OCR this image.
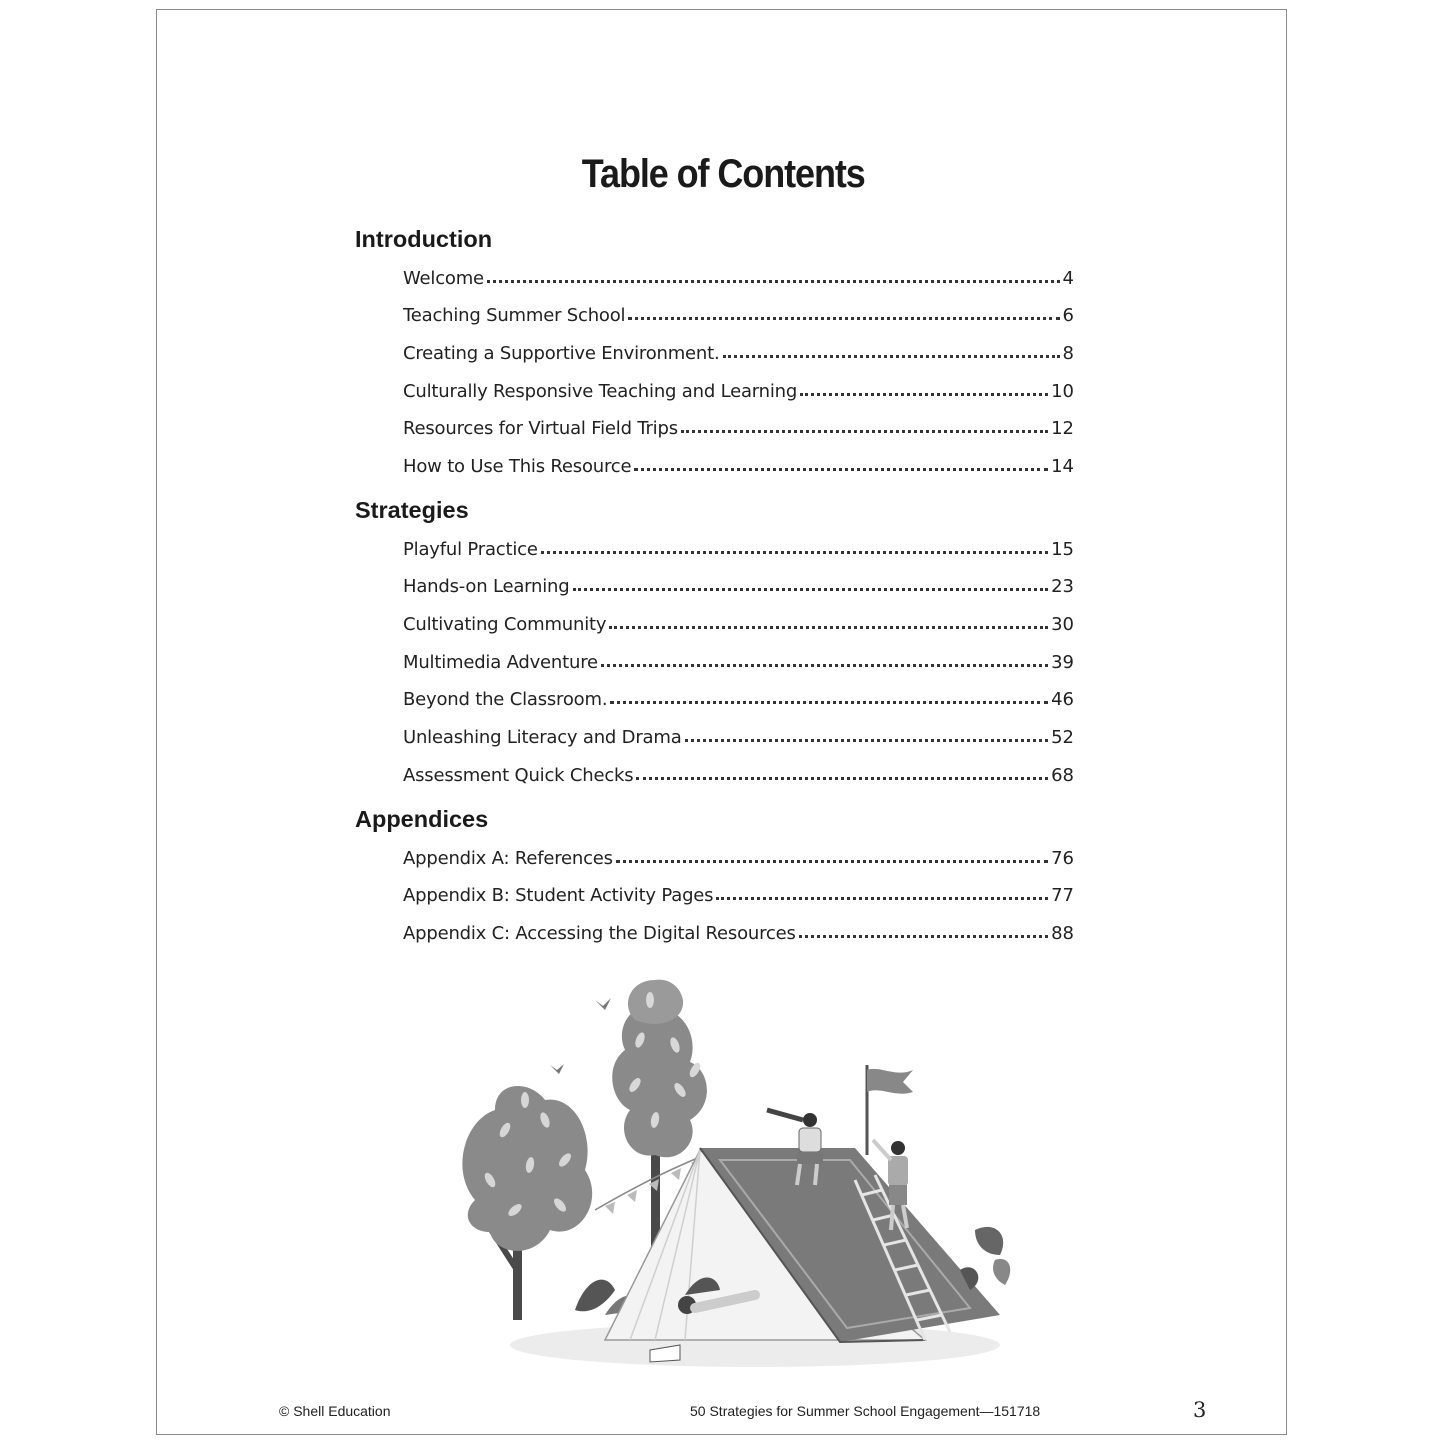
Table of Contents
Introduction
Welcome	4
Teaching Summer School	6
Creating a Supportive Environment.	8
Culturally Responsive Teaching and Learning	10
Resources for Virtual Field Trips	12
How to Use This Resource	14
Strategies
Playful Practice	15
Hands-on Learning	23
Cultivating Community	30
Multimedia Adventure	39
Beyond the Classroom.	46
Unleashing Literacy and Drama	52
Assessment Quick Checks	68
Appendices
Appendix A: References	76
Appendix B: Student Activity Pages	77
Appendix C: Accessing the Digital Resources	88
© Shell Education	50 Strategies for Summer School Engagement—151718	3
